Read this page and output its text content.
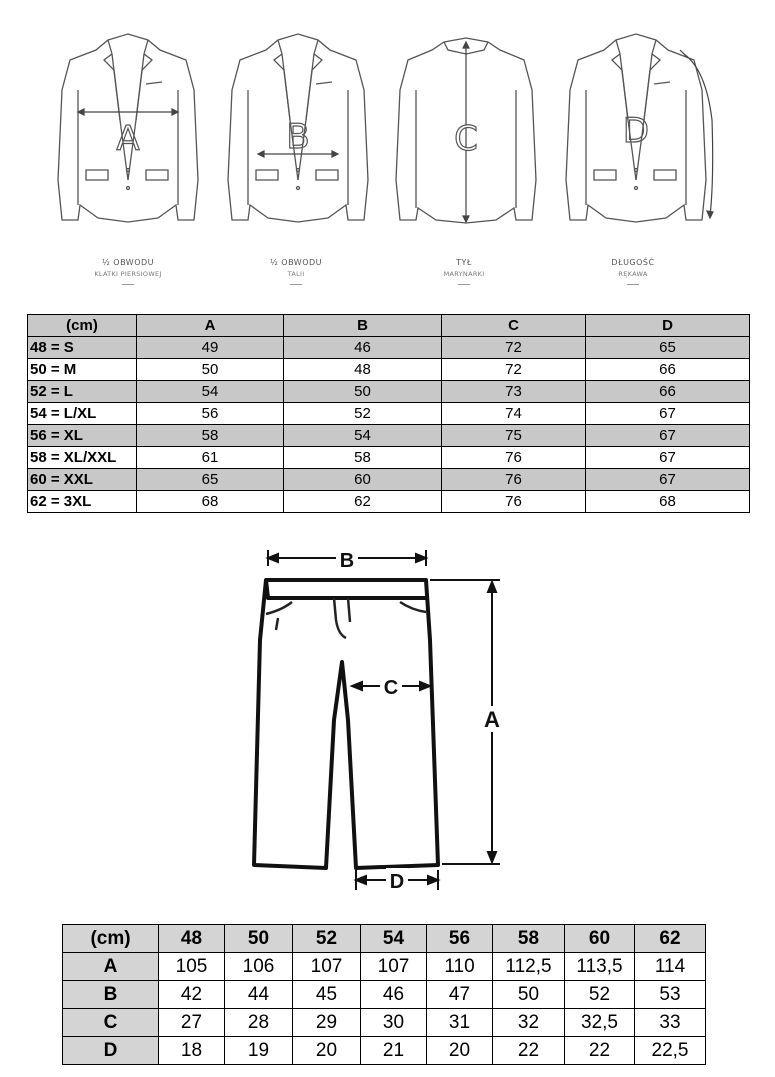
A	B	C	D
½ OBWODU
KLATKI PIERSIOWEJ
½ OBWODU
TALII
TYŁ
MARYNARKI
DŁUGOŚĆ
RĘKAWA
(cm)	A	B	C	D
48 = S	49	46	72	65
50 = M	50	48	72	66
52 = L	54	50	73	66
54 = L/XL	56	52	74	67
56 = XL	58	54	75	67
58 = XL/XXL	61	58	76	67
60 = XXL	65	60	76	67
62 = 3XL	68	62	76	68
B
A
C
D
(cm)	48	50	52	54	56	58	60	62
A	105	106	107	107	110	112,5	113,5	114
B	42	44	45	46	47	50	52	53
C	27	28	29	30	31	32	32,5	33
D	18	19	20	21	20	22	22	22,5
